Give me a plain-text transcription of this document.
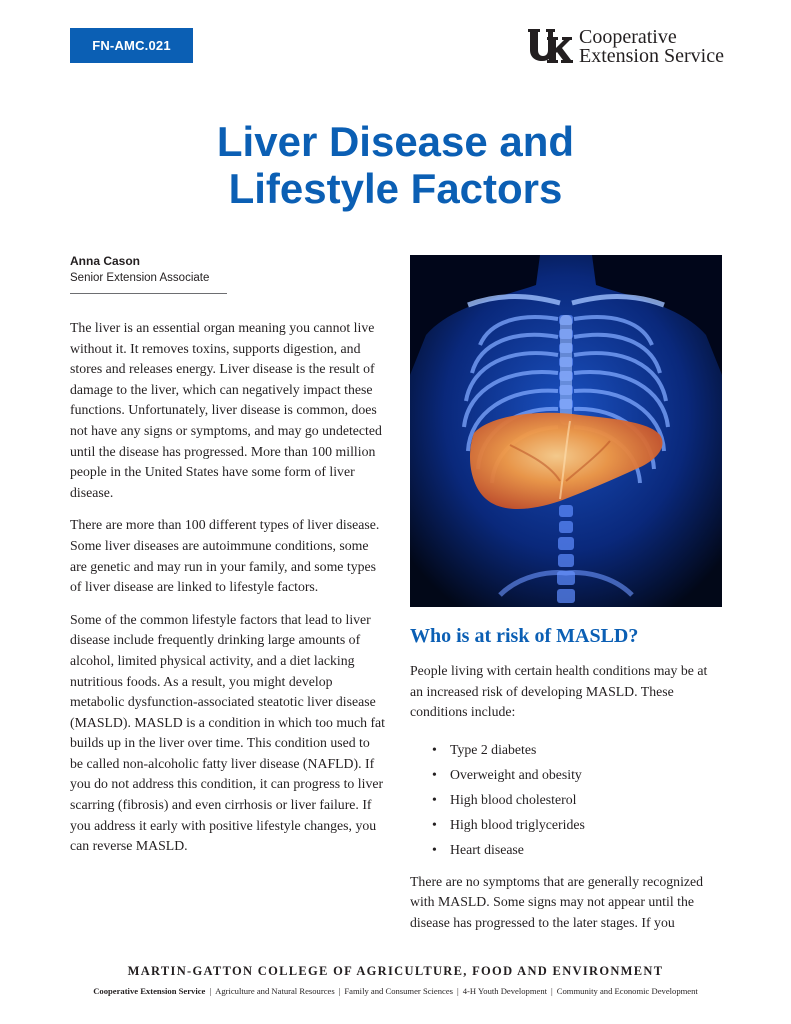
FN-AMC.021	Cooperative
Extension Service
Liver Disease and
Lifestyle Factors
Anna Cason
Senior Extension Associate

The liver is an essential organ meaning you cannot live without it. It removes toxins, supports digestion, and stores and releases energy. Liver disease is the result of damage to the liver, which can negatively impact these functions. Unfortunately, liver disease is common, does not have any signs or symptoms, and may go undetected until the disease has progressed. More than 100 million people in the United States have some form of liver disease.

There are more than 100 different types of liver disease. Some liver diseases are autoimmune conditions, some are genetic and may run in your family, and some types of liver disease are linked to lifestyle factors.

Some of the common lifestyle factors that lead to liver disease include frequently drinking large amounts of alcohol, limited physical activity, and a diet lacking nutritious foods. As a result, you might develop metabolic dysfunction-associated steatotic liver disease (MASLD). MASLD is a condition in which too much fat builds up in the liver over time. This condition used to be called non-alcoholic fatty liver disease (NAFLD). If you do not address this condition, it can progress to liver scarring (fibrosis) and even cirrhosis or liver failure. If you address it early with positive lifestyle changes, you can reverse MASLD.

Who is at risk of MASLD?

People living with certain health conditions may be at an increased risk of developing MASLD. These conditions include:

• Type 2 diabetes
• Overweight and obesity
• High blood cholesterol
• High blood triglycerides
• Heart disease

There are no symptoms that are generally recognized with MASLD. Some signs may not appear until the disease has progressed to the later stages. If you

MARTIN-GATTON COLLEGE OF AGRICULTURE, FOOD AND ENVIRONMENT
Cooperative Extension Service | Agriculture and Natural Resources | Family and Consumer Sciences | 4-H Youth Development | Community and Economic Development
